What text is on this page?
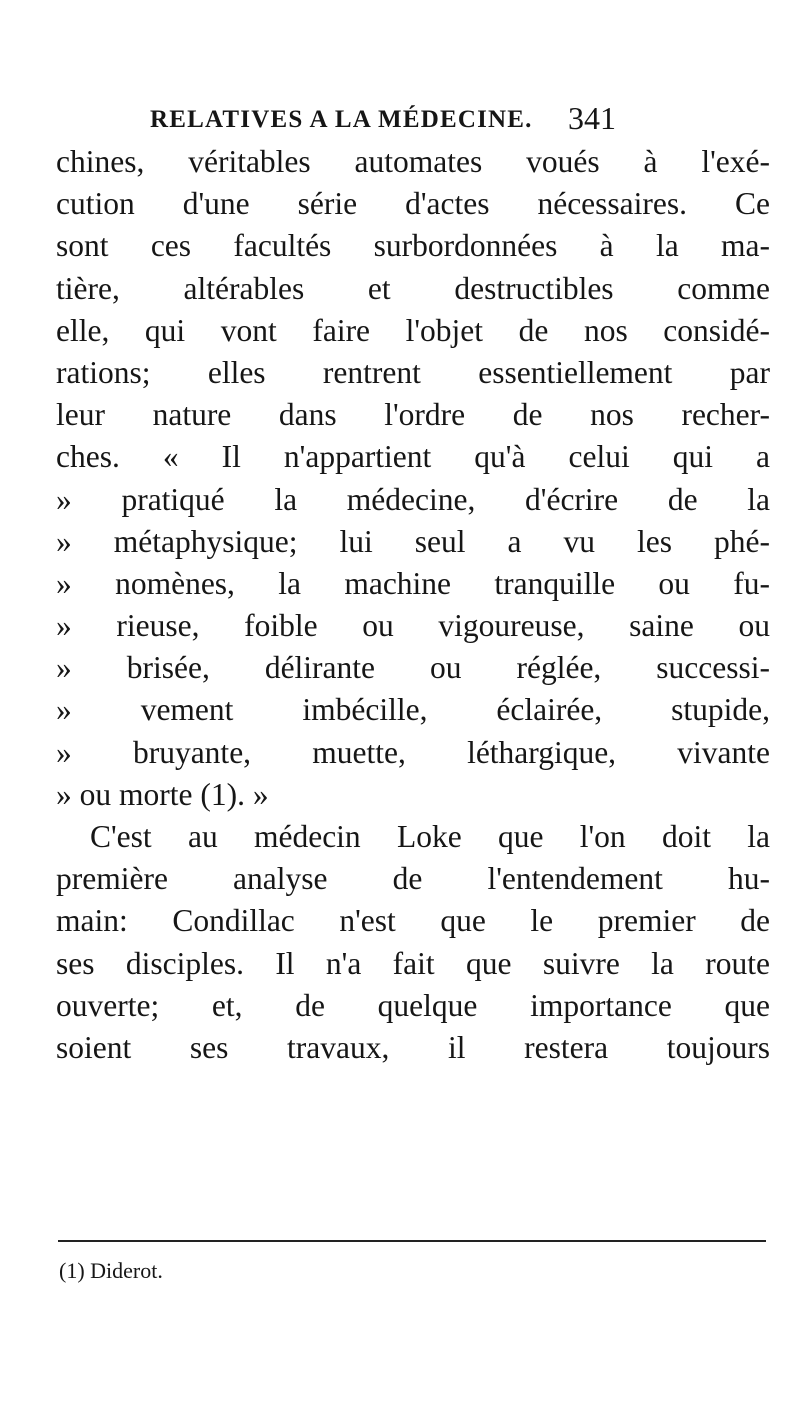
RELATIVES A LA MÉDECINE. 341
chines, véritables automates voués à l'exé-
cution d'une série d'actes nécessaires. Ce
sont ces facultés surbordonnées à la ma-
tière, altérables et destructibles comme
elle, qui vont faire l'objet de nos considé-
rations; elles rentrent essentiellement par
leur nature dans l'ordre de nos recher-
ches. « Il n'appartient qu'à celui qui a
» pratiqué la médecine, d'écrire de la
» métaphysique; lui seul a vu les phé-
» nomènes, la machine tranquille ou fu-
» rieuse, foible ou vigoureuse, saine ou
» brisée, délirante ou réglée, successi-
» vement imbécille, éclairée, stupide,
» bruyante, muette, léthargique, vivante
» ou morte (1). »
C'est au médecin Loke que l'on doit la
première analyse de l'entendement hu-
main: Condillac n'est que le premier de
ses disciples. Il n'a fait que suivre la route
ouverte; et, de quelque importance que
soient ses travaux, il restera toujours
(1) Diderot.
